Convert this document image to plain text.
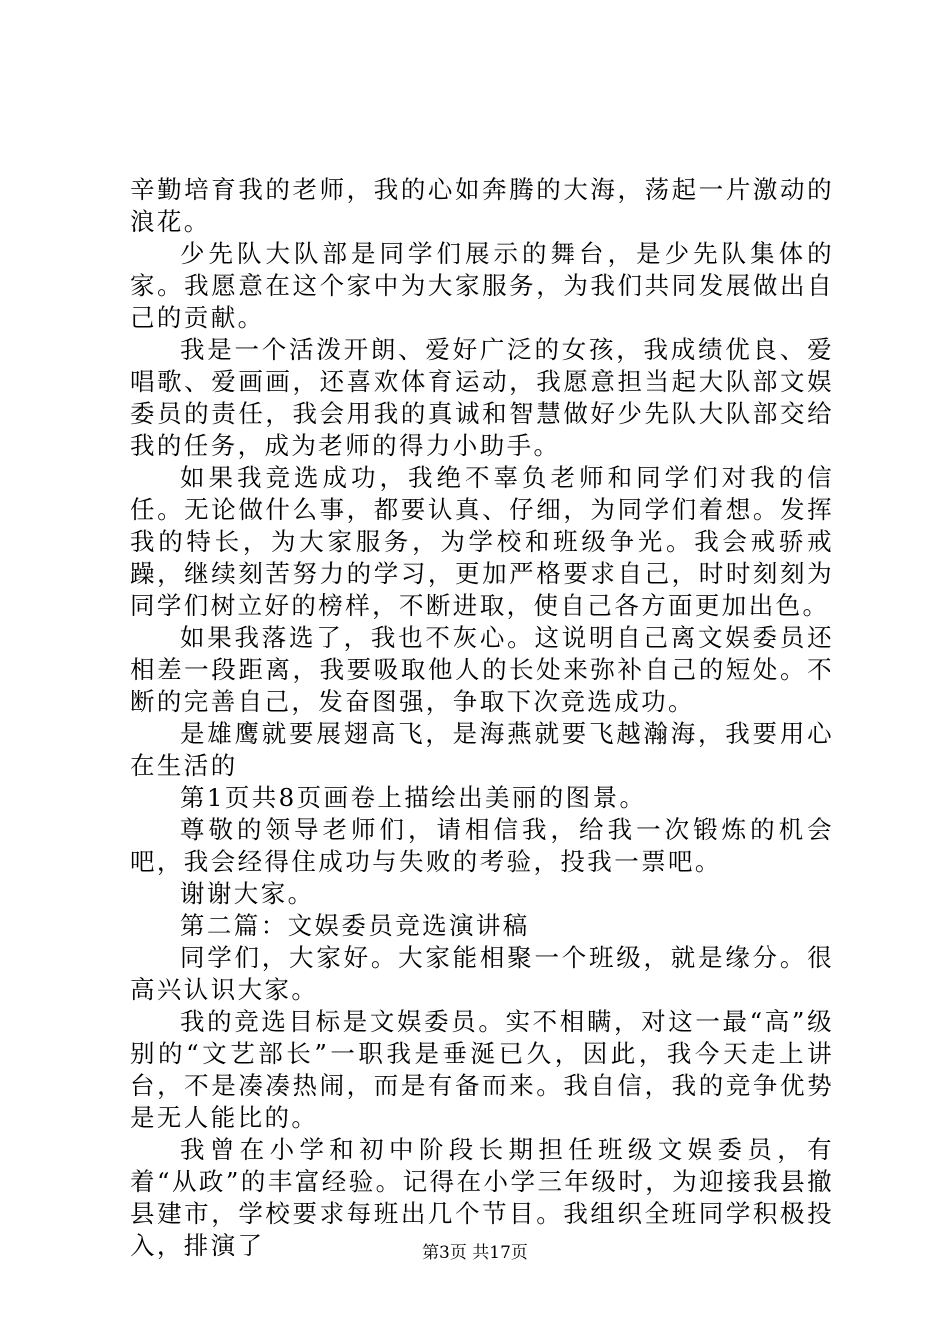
辛勤培育我的老师，我的心如奔腾的大海，荡起一片激动的浪花。

少先队大队部是同学们展示的舞台，是少先队集体的家。我愿意在这个家中为大家服务，为我们共同发展做出自己的贡献。

我是一个活泼开朗、爱好广泛的女孩，我成绩优良、爱唱歌、爱画画，还喜欢体育运动，我愿意担当起大队部文娱委员的责任，我会用我的真诚和智慧做好少先队大队部交给我的任务，成为老师的得力小助手。

如果我竞选成功，我绝不辜负老师和同学们对我的信任。无论做什么事，都要认真、仔细，为同学们着想。发挥我的特长，为大家服务，为学校和班级争光。我会戒骄戒躁，继续刻苦努力的学习，更加严格要求自己，时时刻刻为同学们树立好的榜样，不断进取，使自己各方面更加出色。

如果我落选了，我也不灰心。这说明自己离文娱委员还相差一段距离，我要吸取他人的长处来弥补自己的短处。不断的完善自己，发奋图强，争取下次竞选成功。

是雄鹰就要展翅高飞，是海燕就要飞越瀚海，我要用心在生活的

第1页共8页画卷上描绘出美丽的图景。

尊敬的领导老师们，请相信我，给我一次锻炼的机会吧，我会经得住成功与失败的考验，投我一票吧。

谢谢大家。

第二篇：文娱委员竞选演讲稿

同学们，大家好。大家能相聚一个班级，就是缘分。很高兴认识大家。

我的竞选目标是文娱委员。实不相瞒，对这一最“高”级别的“文艺部长”一职我是垂涎已久，因此，我今天走上讲台，不是凑凑热闹，而是有备而来。我自信，我的竞争优势是无人能比的。

我曾在小学和初中阶段长期担任班级文娱委员，有着“从政”的丰富经验。记得在小学三年级时，为迎接我县撤县建市，学校要求每班出几个节目。我组织全班同学积极投入，排演了	第3页 共17页
